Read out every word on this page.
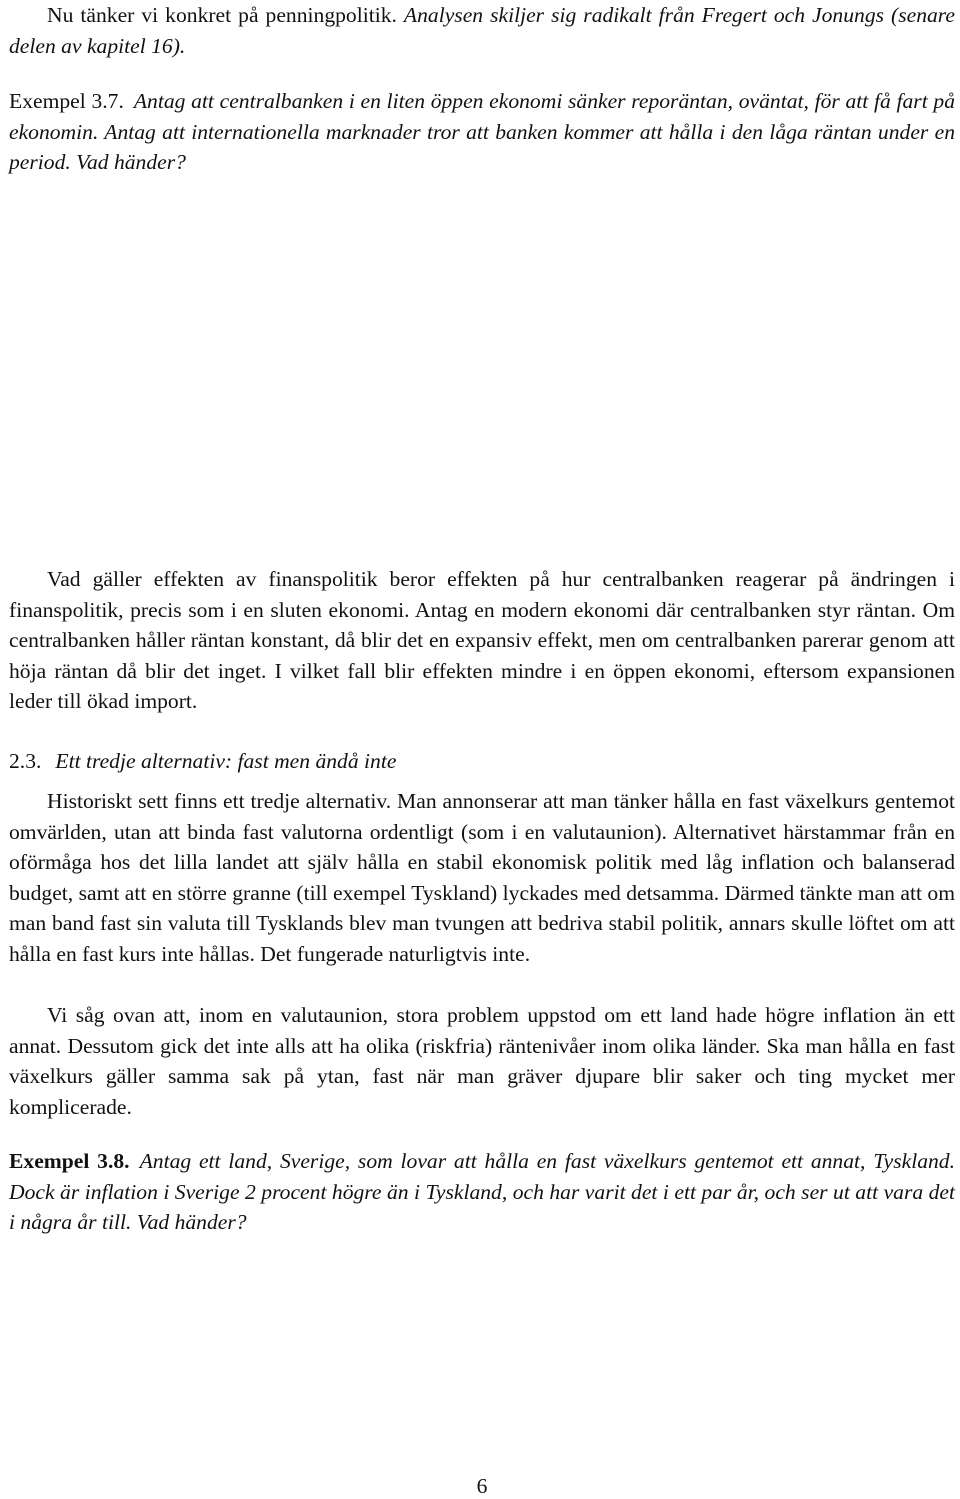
Nu tänker vi konkret på penningpolitik. Analysen skiljer sig radikalt från Fregert och Jonungs (senare delen av kapitel 16).

Exempel 3.7. Antag att centralbanken i en liten öppen ekonomi sänker reporäntan, oväntat, för att få fart på ekonomin. Antag att internationella marknader tror att banken kommer att hålla i den låga räntan under en period. Vad händer?

Vad gäller effekten av finanspolitik beror effekten på hur centralbanken reagerar på ändringen i finanspolitik, precis som i en sluten ekonomi. Antag en modern ekonomi där centralbanken styr räntan. Om centralbanken håller räntan konstant, då blir det en expansiv effekt, men om centralbanken parerar genom att höja räntan då blir det inget. I vilket fall blir effekten mindre i en öppen ekonomi, eftersom expansionen leder till ökad import.

2.3. Ett tredje alternativ: fast men ändå inte

Historiskt sett finns ett tredje alternativ. Man annonserar att man tänker hålla en fast växelkurs gentemot omvärlden, utan att binda fast valutorna ordentligt (som i en valutaunion). Alternativet härstammar från en oförmåga hos det lilla landet att själv hålla en stabil ekonomisk politik med låg inflation och balanserad budget, samt att en större granne (till exempel Tyskland) lyckades med detsamma. Därmed tänkte man att om man band fast sin valuta till Tysklands blev man tvungen att bedriva stabil politik, annars skulle löftet om att hålla en fast kurs inte hållas. Det fungerade naturligtvis inte.

Vi såg ovan att, inom en valutaunion, stora problem uppstod om ett land hade högre inflation än ett annat. Dessutom gick det inte alls att ha olika (riskfria) räntenivåer inom olika länder. Ska man hålla en fast växelkurs gäller samma sak på ytan, fast när man gräver djupare blir saker och ting mycket mer komplicerade.

Exempel 3.8. Antag ett land, Sverige, som lovar att hålla en fast växelkurs gentemot ett annat, Tyskland. Dock är inflation i Sverige 2 procent högre än i Tyskland, och har varit det i ett par år, och ser ut att vara det i några år till. Vad händer?

6
